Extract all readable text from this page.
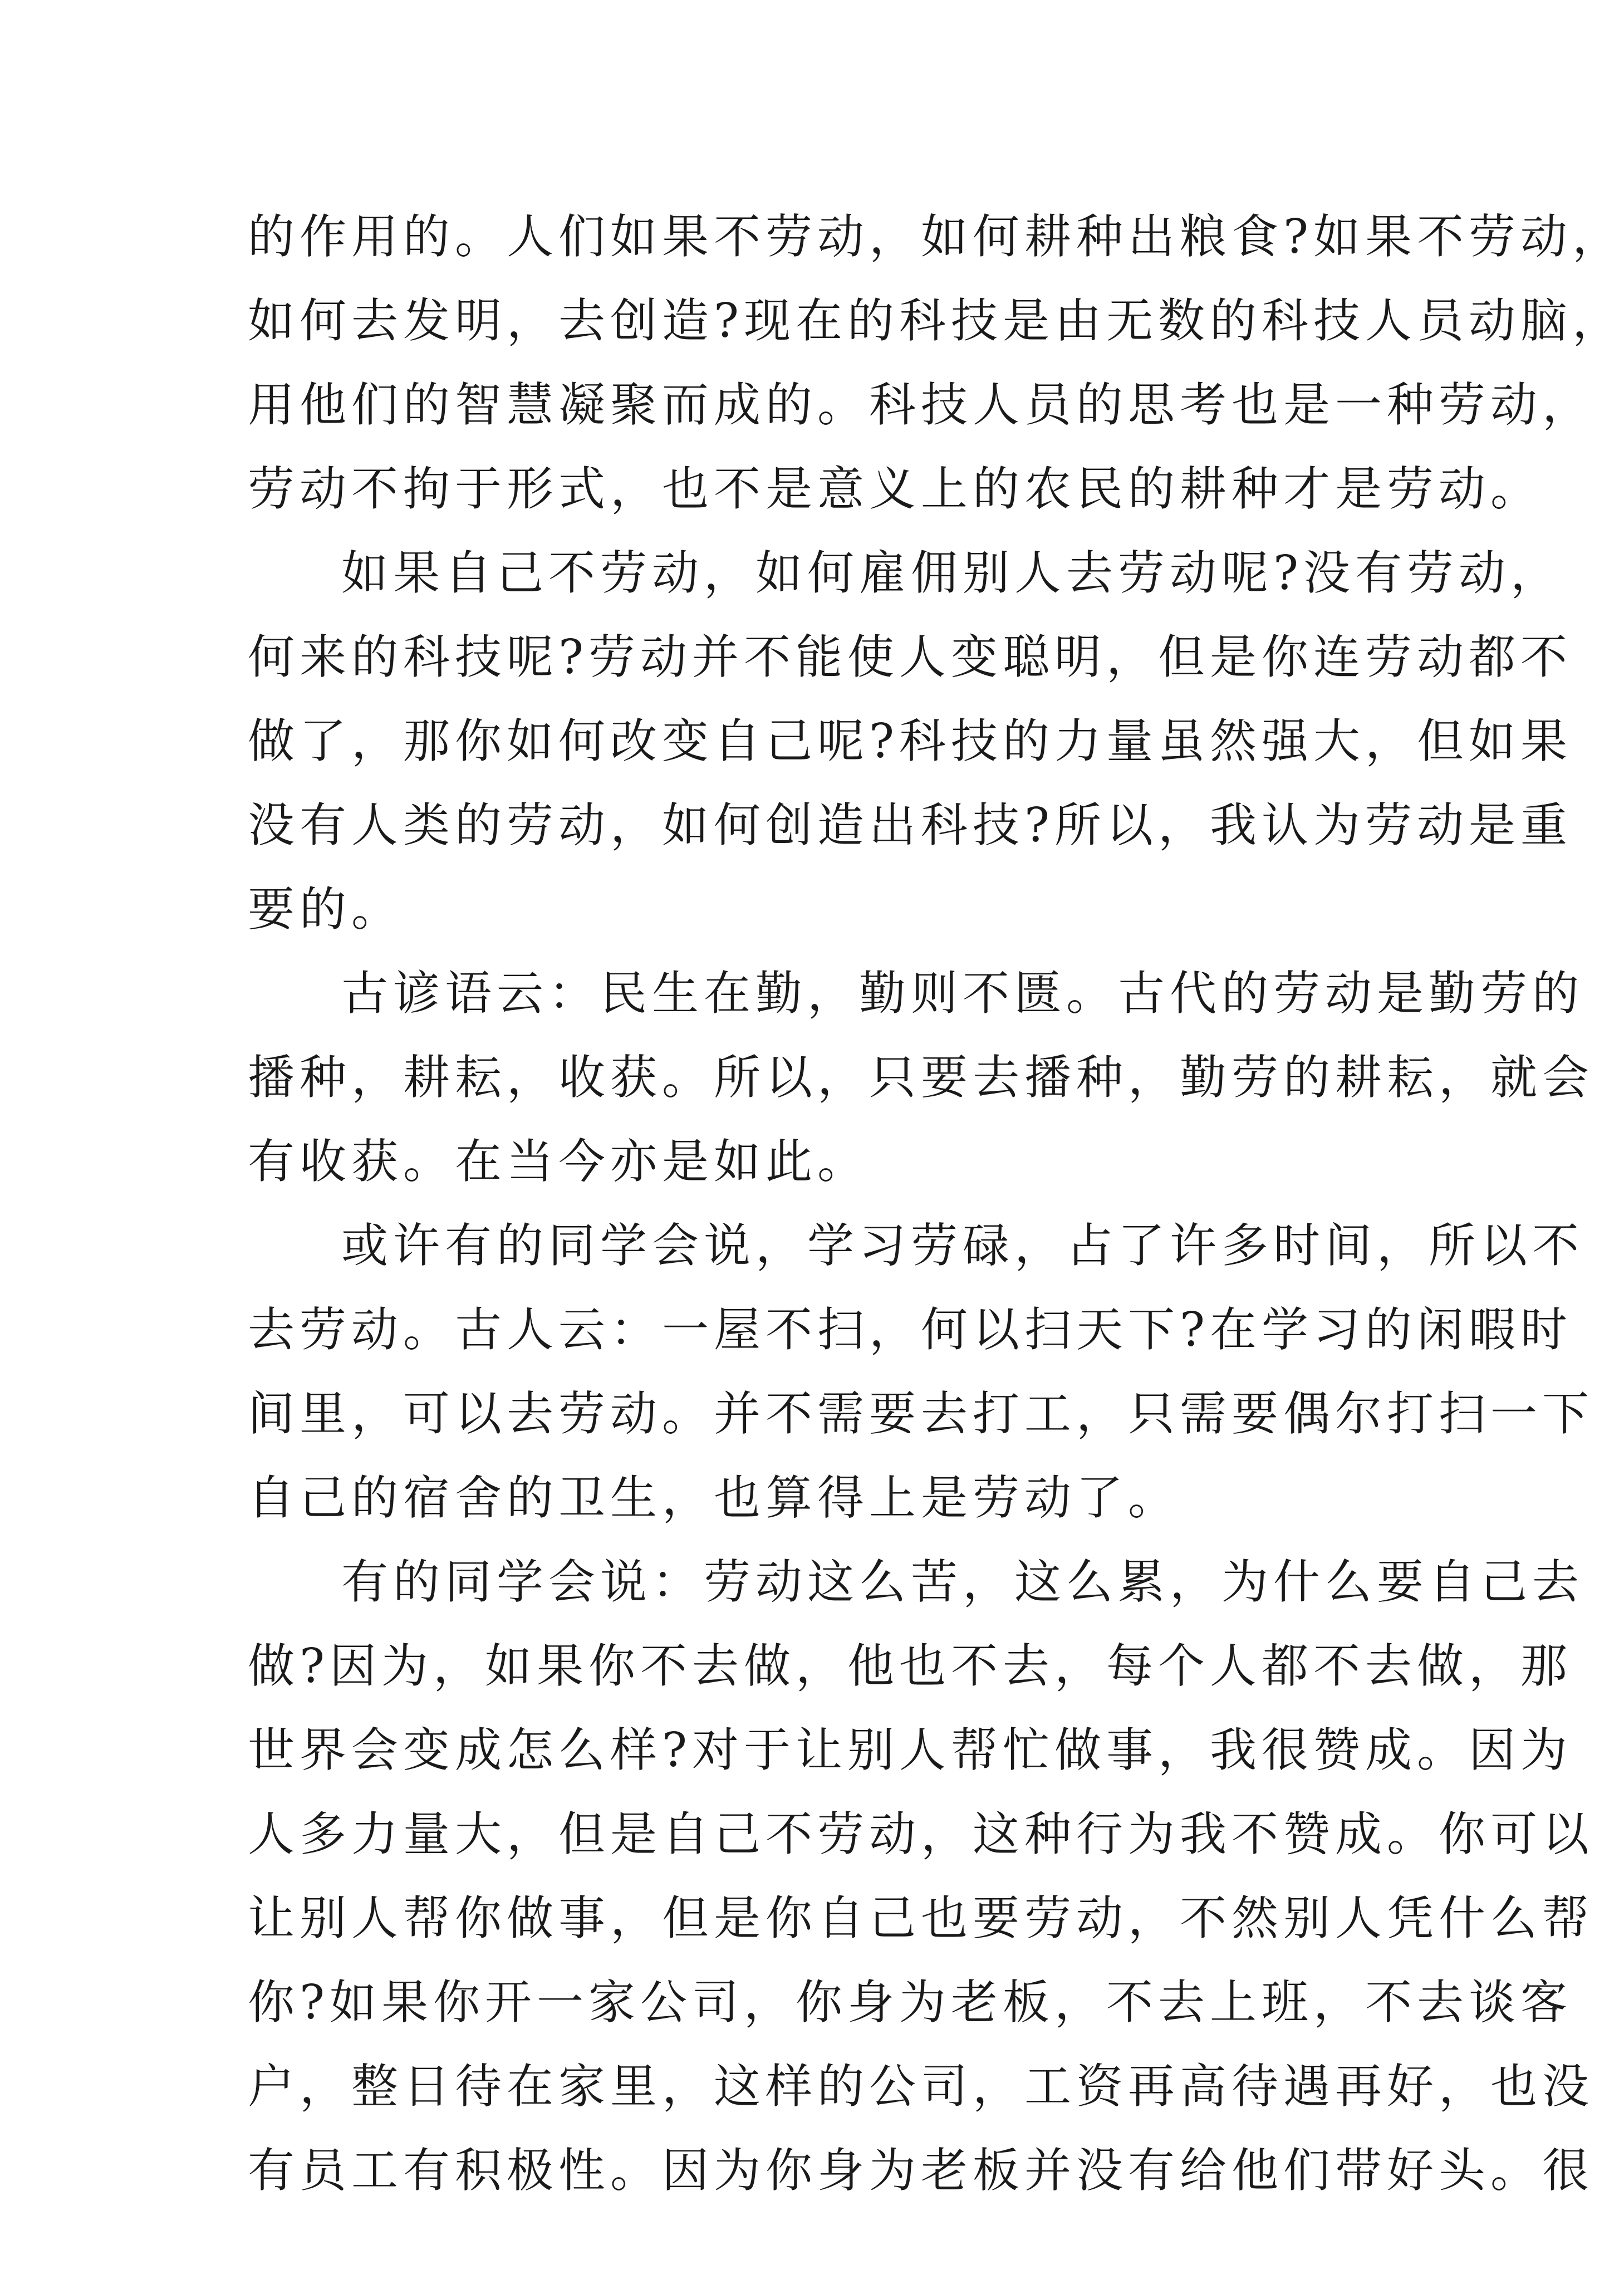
的作用的。人们如果不劳动，如何耕种出粮食?如果不劳动，
如何去发明，去创造?现在的科技是由无数的科技人员动脑，
用他们的智慧凝聚而成的。科技人员的思考也是一种劳动，
劳动不拘于形式，也不是意义上的农民的耕种才是劳动。
如果自己不劳动，如何雇佣别人去劳动呢?没有劳动，
何来的科技呢?劳动并不能使人变聪明，但是你连劳动都不
做了，那你如何改变自己呢?科技的力量虽然强大，但如果
没有人类的劳动，如何创造出科技?所以，我认为劳动是重
要的。
古谚语云：民生在勤，勤则不匮。古代的劳动是勤劳的
播种，耕耘，收获。所以，只要去播种，勤劳的耕耘，就会
有收获。在当今亦是如此。
或许有的同学会说，学习劳碌，占了许多时间，所以不
去劳动。古人云：一屋不扫，何以扫天下?在学习的闲暇时
间里，可以去劳动。并不需要去打工，只需要偶尔打扫一下
自己的宿舍的卫生，也算得上是劳动了。
有的同学会说：劳动这么苦，这么累，为什么要自己去
做?因为，如果你不去做，他也不去，每个人都不去做，那
世界会变成怎么样?对于让别人帮忙做事，我很赞成。因为
人多力量大，但是自己不劳动，这种行为我不赞成。你可以
让别人帮你做事，但是你自己也要劳动，不然别人凭什么帮
你?如果你开一家公司，你身为老板，不去上班，不去谈客
户，整日待在家里，这样的公司，工资再高待遇再好，也没
有员工有积极性。因为你身为老板并没有给他们带好头。很
